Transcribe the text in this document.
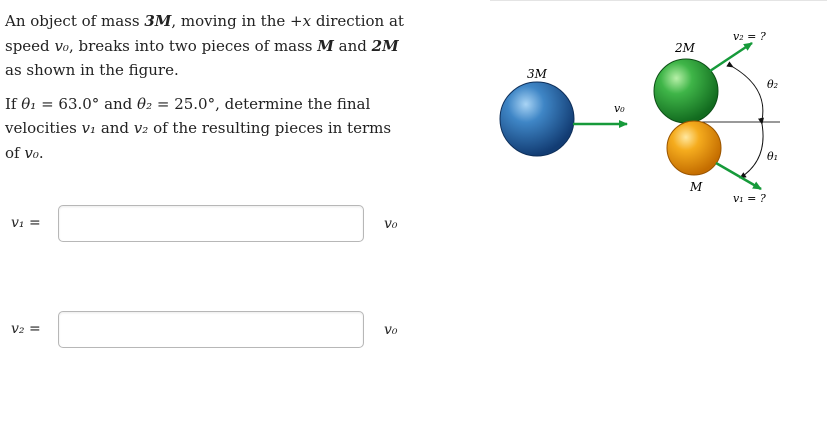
An object of mass 3M, moving in the +x direction at speed v₀, breaks into two pieces of mass M and 2M as shown in the figure.

If θ₁ = 63.0° and θ₂ = 25.0°, determine the final velocities v₁ and v₂ of the resulting pieces in terms of v₀.

3M
v₀
2M
M
v₂ = ?
v₁ = ?
θ₂
θ₁
v₁ =	v₀
v₂ =	v₀
